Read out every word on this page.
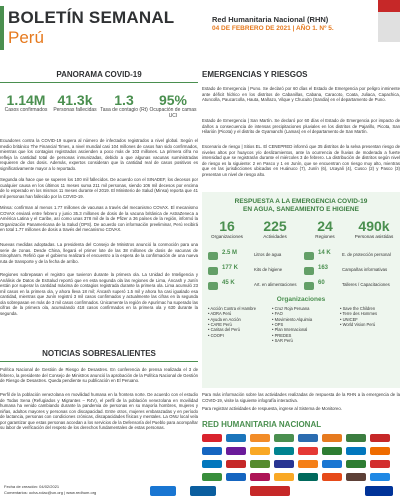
BOLETÍN SEMANAL
Perú
Red Humanitaria Nacional (RHN)
04 DE FEBRERO DE 2021 | AÑO 1. Nº 5.
PANORAMA COVID-19
1.14M
Casos confirmados
41.3k
Personas fallecidas
1.3
Tasa de contagio (Rt)
95%
Ocupación de camas UCI
Ecuadores contra la COVID-19 supera al número de infectados registrados a nivel global. Según el medio británico The Financial Times, a nivel mundial casi 104 millones de casos han sido confirmados, mientras que los contagios registrados ascienden a poco más de 103 millones. La primera cifra no refleja la cantidad total de personas inmunizadas, debido a que algunas vacunas suministradas requieren de dos dosis. Además, expertos consideran que la cantidad real de casos positivos es significativamente mayor a lo reportado.
Segunda ola hace que se superen los 100 mil fallecidos. De acuerdo con el SINADEF, los decesos por cualquier causa en los últimos 11 meses suma 211 mil personas, siendo 106 mil decesos por encima de lo esperado en los mismos 11 meses durante el 2019. El Ministerio de Salud (Minsa) reporta que 41 mil personas han fallecido por la COVID-19.
Minsa: confirman al menos 1.77 millones de vacunas a través del mecanismo COVAX. El mecanismo COVAX enviará entre febrero y junio 35.3 millones de dosis de la vacuna británica de AstraZeneca a América Latina y el Caribe, así como unas 378 mil de la de Pfizer a 36 países de la región, informó la Organización Panamericana de la Salud (OPS). De acuerdo con información preeliminar, Perú recibirá en total 1.77 millones de dosis a través del mecanismo COVAX.
Nuevas medidas adoptadas. La presidenta del Consejo de Ministros anunció la conmoción para una serie de zonas. Desde China, llegará el primer lote de las 38 millones de dosis de vacunas de Sinopharm. Refirió que el gobierno realizará el encuentro a la espera de la confirmación de una nueva ruta de transporte y de la fecha de arribo.
Regiones sobrepasan el registro que tuvieron durante la primera ola. La Unidad de Inteligencia y Análisis de Datos de EsSalud reportó que en esta segunda ola las regiones de Lima, Áncash y Junín están por superar la cantidad máxima de contagios registrada durante la primera ola. Lima acumuló 23 mil casos en la primera ola, y ahora lleva 18 mil; Áncash superó 1.5 mil y ahora ha casi igualado esa cantidad, mientras que Junín registró 3 mil casos confirmados y actualmente las cifras en la segunda ola sobrepasan en más de 3 mil casos confirmados. Únicamente la región de Apurímac ha superado las cifras de la primera ola, acumulando 418 casos confirmados en la primera ola y 630 durante la segunda.
NOTICIAS SOBRESALIENTES
Política Nacional de Gestión de Riesgo de Desastres. En conferencia de prensa realizada el 3 de febrero, la presidente del Consejo de Ministros anunció la aprobación de la Política Nacional de Gestión de Riesgo de Desastres. Queda pendiente su publicación en El Peruano.
Perfil de la población venezolana en movilidad humana en la frontera norte. De acuerdo con el estudio de Todas Sena (Refugiados y Migrantes – R4V), el perfil de la población venezolana en movilidad humana ha venido cambiando durante la pandemia de personas en su mayoría hombres, mujeres y niñas, adultos mayores y personas con discapacidad. Entre otros, mujeres embarazadas y en período de lactancia, personas con condiciones crónicas, discapacidades físicas y mentales. La ONU local vela por garantizar que estas personas accedan a los servicios de la Defensoría del Pueblo para acompañar su labor de verificación del respeto de los derechos fundamentales de estas personas.
EMERGENCIAS Y RIESGOS
Estado de Emergencia | Puno. Se declaró por 60 días el Estado de Emergencia por peligro inminente ante déficit hídrico en los distritos de Cabanillas, Cabana, Caracoto, Coata, Juliaca, Capachica, Atuncolla, Paucarcolla, Hauta, Mañazo, Vilque y Chucuito (Sandia) en el departamento de Puno.
Estado de Emergencia | San Martín. Se declaró por 60 días el Estado de Emergencia por impacto de daños a consecuencia de intensas precipitaciones pluviales en los distritos de Pajarillo, Picota, San Hilarión (Picota) y el distrito de Gyamanchi (Lamas) en el departamento de San Martín.
Escenario de riesgo | Sitios EL. El CENEPRED informó que 35 distritos de la selva presentan riesgo de niveles altos por huaycos y/o deslizamientos, ante la ocurrencia de lluvias de moderada a fuerte intensidad que se registrarán durante el miércoles 3 de febrero. La distribución de distritos según nivel de riesgo es la siguiente: 2 en Pasco y 1 en Junín, que se encuentran con riesgo muy alto, mientras que en las jurisdicciones ubicadas en Huánuco (7), Junín (6), Ucayali (4), Cusco (2) y Pasco (3) presentan un nivel de riesgo alto.
RESPUESTA A LA EMERGENCIA COVID-19
EN AGUA, SANEAMIENTO E HIGIENE
16
Organizaciones
225
Actividades
24
Regiones
490k
Personas asistidas
2.5 M	Litros de agua
177 K	Kits de higiene
45 K	Art. en alimentaciones
14 K	E. de protección personal
163	Campañas informativas
60	Talleres / Capacitaciones
Organizaciones
• Acción Contra el Hambre
• ADRA Perú
• Ayuda en Acción
• CARE Perú
• Caritas del Perú
• COOPI
• Cruz Roja Peruana
• FAO
• Movimiento Alquimia
• OPS
• Plan Internacional
• PREDES
• SAR Perú
• Save the Children
• Terre des Hommes
• UNICEF
• World Vision Perú
Para más información sobre las actividades realizadas de respuesta de la RHN a la emergencia de la COVID-19, visite la siguiente infografía interactiva.
Para registrar actividades de respuesta, ingrese al Sistema de Monitoreo.
RED HUMANITARIA NACIONAL
Fecha de creación: 04/02/2021
Comentarios: ocha-rolac@un.org | www.redhum.org
